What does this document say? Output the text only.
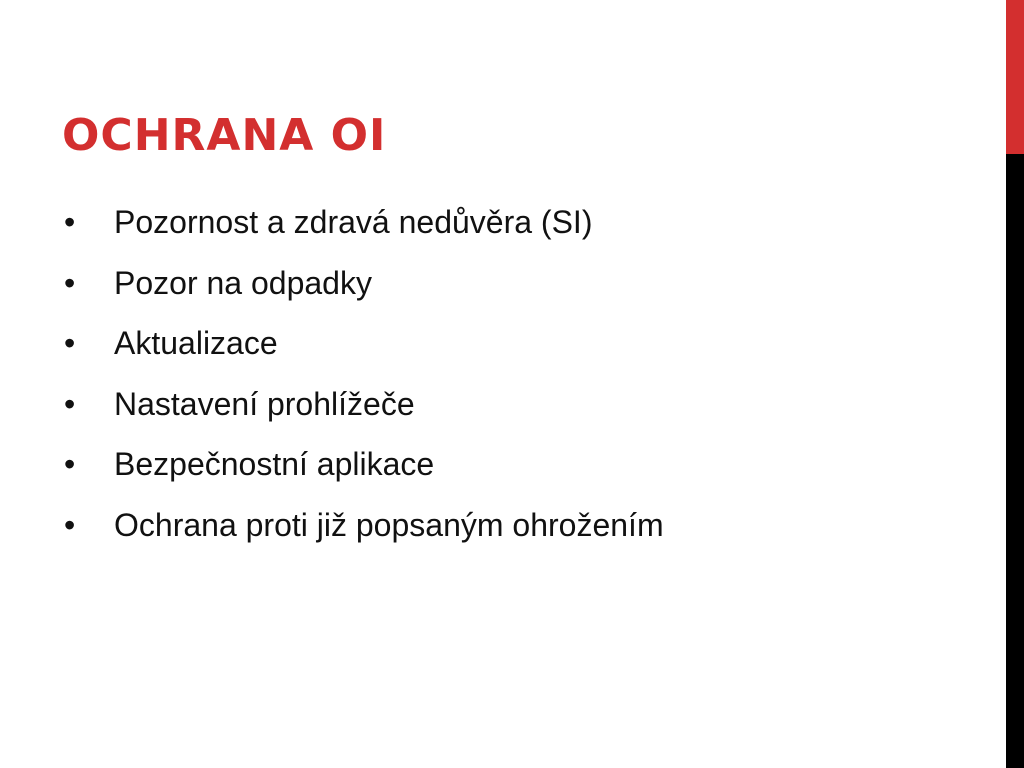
OCHRANA OI
•	Pozornost a zdravá nedůvěra (SI)
•	Pozor na odpadky
•	Aktualizace
•	Nastavení prohlížeče
•	Bezpečnostní aplikace
•	Ochrana proti již popsaným ohrožením
